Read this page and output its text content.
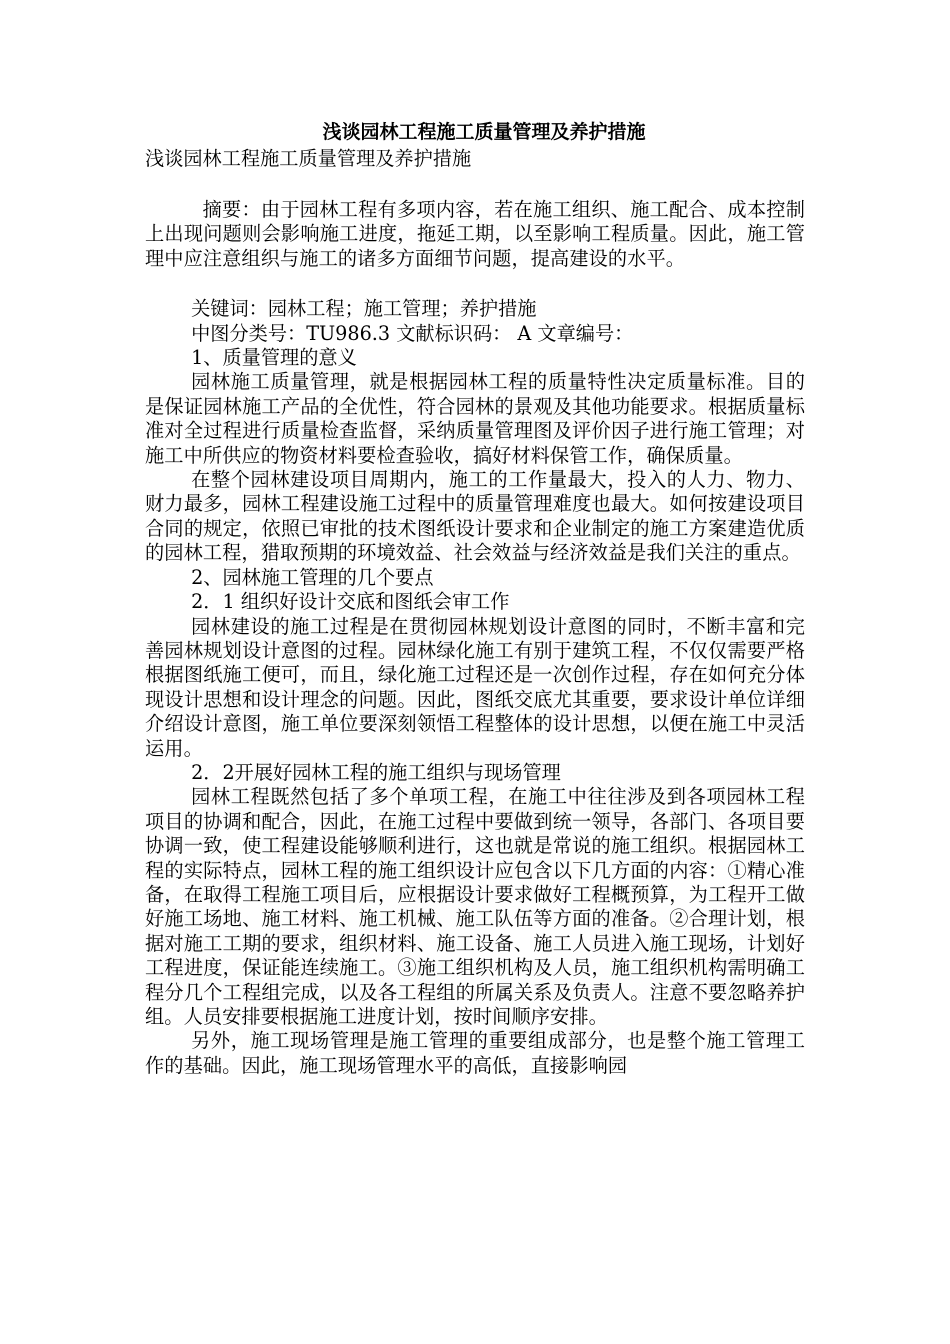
浅谈园林工程施工质量管理及养护措施

浅谈园林工程施工质量管理及养护措施

摘要：由于园林工程有多项内容，若在施工组织、施工配合、成本控制上出现问题则会影响施工进度，拖延工期，以至影响工程质量。因此，施工管理中应注意组织与施工的诸多方面细节问题，提高建设的水平。

关键词：园林工程；施工管理；养护措施

中图分类号：TU986.3 文献标识码： A 文章编号：

1、质量管理的意义

园林施工质量管理，就是根据园林工程的质量特性决定质量标准。目的是保证园林施工产品的全优性，符合园林的景观及其他功能要求。根据质量标准对全过程进行质量检查监督，采纳质量管理图及评价因子进行施工管理；对施工中所供应的物资材料要检查验收，搞好材料保管工作，确保质量。

在整个园林建设项目周期内，施工的工作量最大，投入的人力、物力、财力最多，园林工程建设施工过程中的质量管理难度也最大。如何按建设项目合同的规定，依照已审批的技术图纸设计要求和企业制定的施工方案建造优质的园林工程，猎取预期的环境效益、社会效益与经济效益是我们关注的重点。

2、园林施工管理的几个要点

2．1 组织好设计交底和图纸会审工作

园林建设的施工过程是在贯彻园林规划设计意图的同时，不断丰富和完善园林规划设计意图的过程。园林绿化施工有别于建筑工程，不仅仅需要严格根据图纸施工便可，而且，绿化施工过程还是一次创作过程，存在如何充分体现设计思想和设计理念的问题。因此，图纸交底尤其重要，要求设计单位详细介绍设计意图，施工单位要深刻领悟工程整体的设计思想，以便在施工中灵活运用。

2．2开展好园林工程的施工组织与现场管理

园林工程既然包括了多个单项工程，在施工中往往涉及到各项园林工程项目的协调和配合，因此，在施工过程中要做到统一领导，各部门、各项目要协调一致，使工程建设能够顺利进行，这也就是常说的施工组织。根据园林工程的实际特点，园林工程的施工组织设计应包含以下几方面的内容：①精心准备，在取得工程施工项目后，应根据设计要求做好工程概预算，为工程开工做好施工场地、施工材料、施工机械、施工队伍等方面的准备。②合理计划，根据对施工工期的要求，组织材料、施工设备、施工人员进入施工现场，计划好工程进度，保证能连续施工。③施工组织机构及人员，施工组织机构需明确工程分几个工程组完成，以及各工程组的所属关系及负责人。注意不要忽略养护组。人员安排要根据施工进度计划，按时间顺序安排。

另外，施工现场管理是施工管理的重要组成部分，也是整个施工管理工作的基础。因此，施工现场管理水平的高低，直接影响园
